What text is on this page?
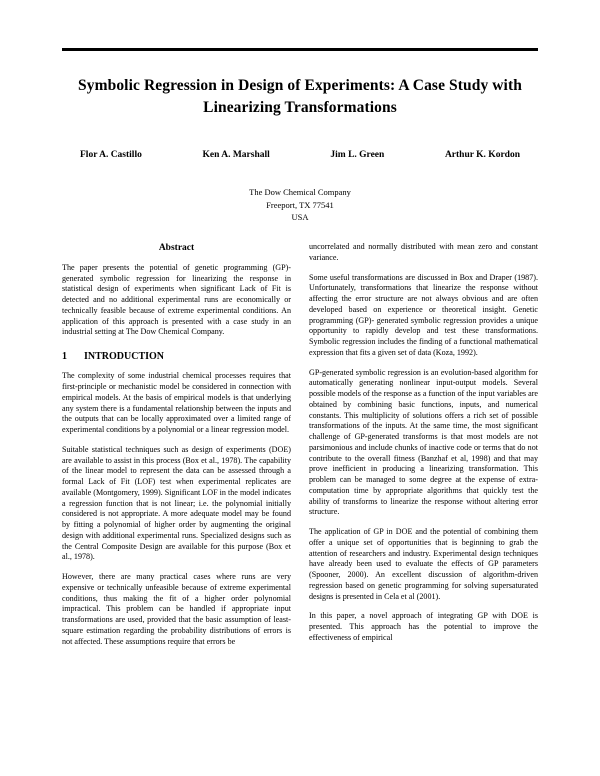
Symbolic Regression in Design of Experiments: A Case Study with Linearizing Transformations
Flor A. Castillo	Ken A. Marshall	Jim L. Green	Arthur K. Kordon
The Dow Chemical Company
Freeport, TX 77541
USA
Abstract

The paper presents the potential of genetic programming (GP)-generated symbolic regression for linearizing the response in statistical design of experiments when significant Lack of Fit is detected and no additional experimental runs are economically or technically feasible because of extreme experimental conditions. An application of this approach is presented with a case study in an industrial setting at The Dow Chemical Company.

1	INTRODUCTION

The complexity of some industrial chemical processes requires that first-principle or mechanistic model be considered in connection with empirical models. At the basis of empirical models is that underlying any system there is a fundamental relationship between the inputs and the outputs that can be locally approximated over a limited range of experimental conditions by a polynomial or a linear regression model.

Suitable statistical techniques such as design of experiments (DOE) are available to assist in this process (Box et al., 1978). The capability of the linear model to represent the data can be assessed through a formal Lack of Fit (LOF) test when experimental replicates are available (Montgomery, 1999). Significant LOF in the model indicates a regression function that is not linear; i.e. the polynomial initially considered is not appropriate. A more adequate model may be found by fitting a polynomial of higher order by augmenting the original design with additional experimental runs. Specialized designs such as the Central Composite Design are available for this purpose (Box et al., 1978).

However, there are many practical cases where runs are very expensive or technically unfeasible because of extreme experimental conditions, thus making the fit of a higher order polynomial impractical. This problem can be handled if appropriate input transformations are used, provided that the basic assumption of least-square estimation regarding the probability distributions of errors is not affected. These assumptions require that errors be

uncorrelated and normally distributed with mean zero and constant variance.

Some useful transformations are discussed in Box and Draper (1987). Unfortunately, transformations that linearize the response without affecting the error structure are not always obvious and are often developed based on experience or theoretical insight. Genetic programming (GP)- generated symbolic regression provides a unique opportunity to rapidly develop and test these transformations. Symbolic regression includes the finding of a functional mathematical expression that fits a given set of data (Koza, 1992).

GP-generated symbolic regression is an evolution-based algorithm for automatically generating nonlinear input-output models. Several possible models of the response as a function of the input variables are obtained by combining basic functions, inputs, and numerical constants. This multiplicity of solutions offers a rich set of possible transformations of the inputs. At the same time, the most significant challenge of GP-generated transforms is that most models are not parsimonious and include chunks of inactive code or terms that do not contribute to the overall fitness (Banzhaf et al, 1998) and that may prove inefficient in producing a linearizing transformation. This problem can be managed to some degree at the expense of extra-computation time by appropriate algorithms that quickly test the ability of transforms to linearize the response without altering error structure.

The application of GP in DOE and the potential of combining them offer a unique set of opportunities that is beginning to grab the attention of researchers and industry. Experimental design techniques have already been used to evaluate the effects of GP parameters (Spooner, 2000). An excellent discussion of algorithm-driven regression based on genetic programming for solving supersaturated designs is presented in Cela et al (2001).

In this paper, a novel approach of integrating GP with DOE is presented. This approach has the potential to improve the effectiveness of empirical
